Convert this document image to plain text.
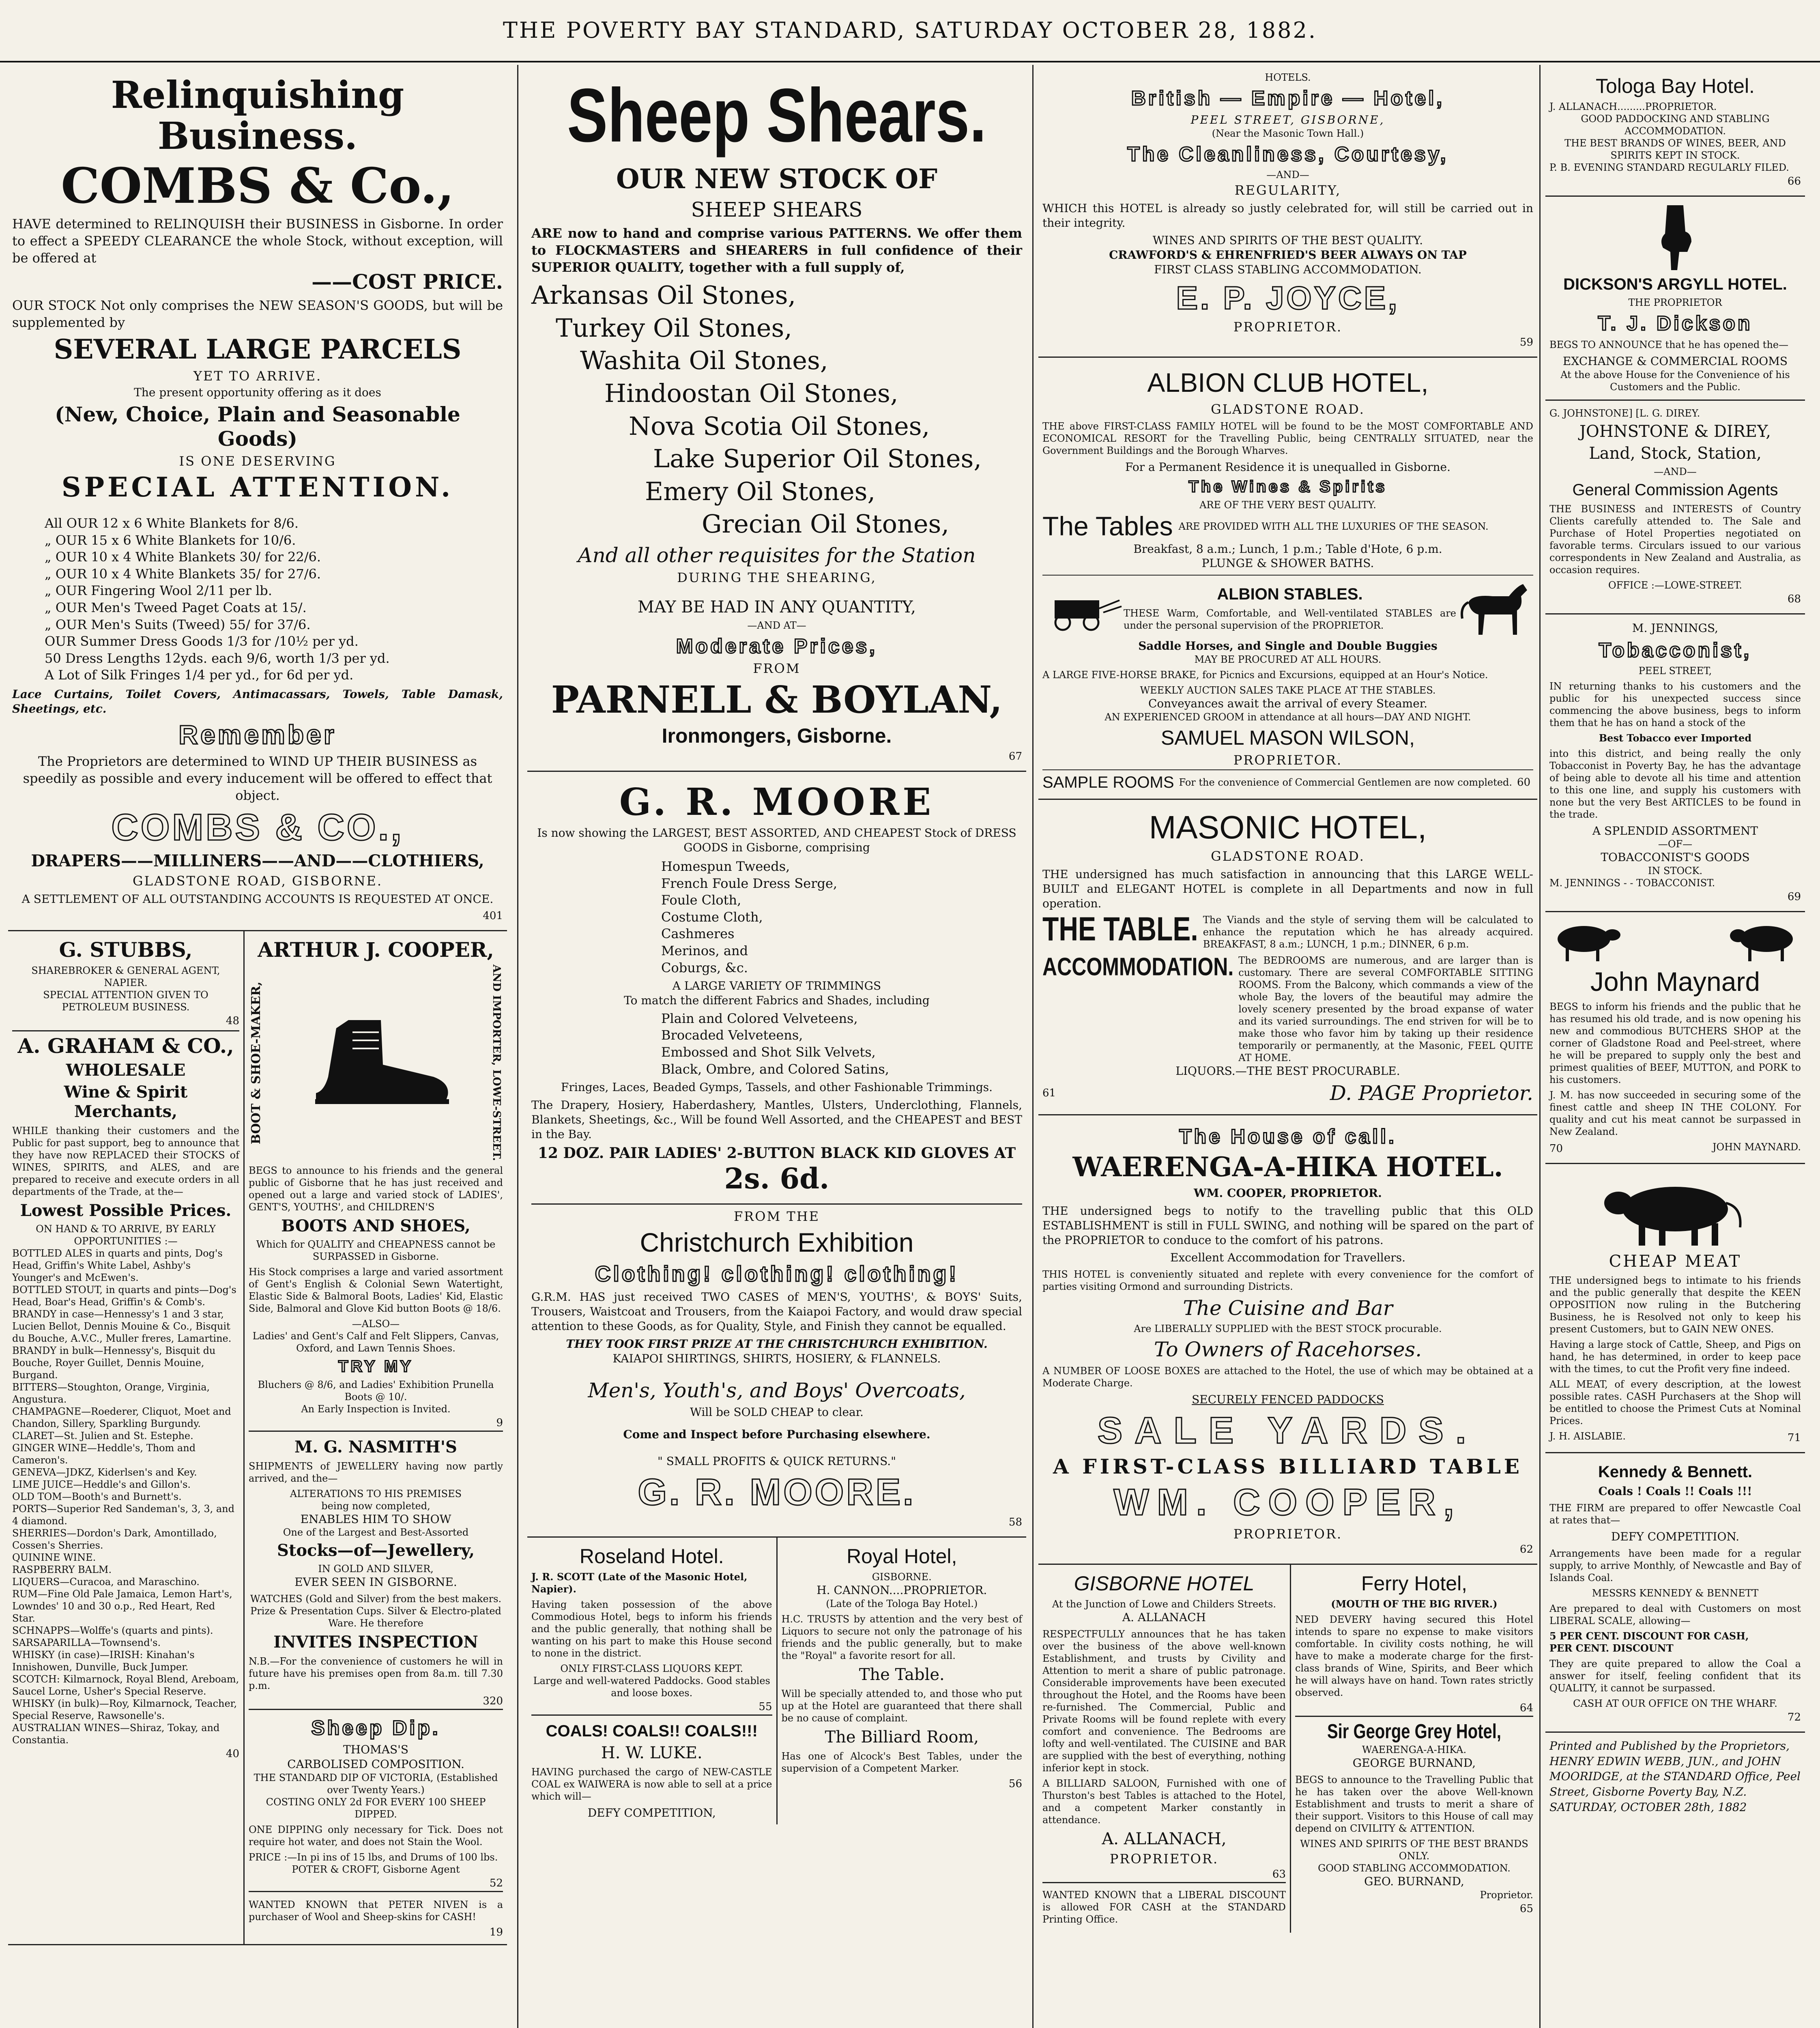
THE POVERTY BAY STANDARD, SATURDAY OCTOBER 28, 1882.
Relinquishing Business.
COMBS & Co.,

HAVE determined to RELINQUISH their BUSINESS in Gisborne. In order to effect a SPEEDY CLEARANCE the whole Stock, without exception, will be offered at

——COST PRICE.

OUR STOCK Not only comprises the NEW SEASON'S GOODS, but will be supplemented by

SEVERAL LARGE PARCELS
YET TO ARRIVE.
The present opportunity offering as it does
(New, Choice, Plain and Seasonable Goods)
IS ONE DESERVING
SPECIAL ATTENTION.
All OUR 12 x 6 White Blankets for 8/6.
„ OUR 15 x 6 White Blankets for 10/6.
„ OUR 10 x 4 White Blankets 30/ for 22/6.
„ OUR 10 x 4 White Blankets 35/ for 27/6.
„ OUR Fingering Wool 2/11 per lb.
„ OUR Men's Tweed Paget Coats at 15/.
„ OUR Men's Suits (Tweed) 55/ for 37/6.
OUR Summer Dress Goods 1/3 for /10½ per yd.
50 Dress Lengths 12yds. each 9/6, worth 1/3 per yd.
A Lot of Silk Fringes 1/4 per yd., for 6d per yd.

Lace Curtains, Toilet Covers, Antimacassars, Towels, Table Damask, Sheetings, etc.

Remember

The Proprietors are determined to WIND UP THEIR BUSINESS as speedily as possible and every inducement will be offered to effect that object.

COMBS & CO.,
DRAPERS——MILLINERS——AND——CLOTHIERS,
GLADSTONE ROAD, GISBORNE.

A SETTLEMENT OF ALL OUTSTANDING ACCOUNTS IS REQUESTED AT ONCE.

401
G. STUBBS,
SHAREBROKER & GENERAL AGENT, NAPIER.
SPECIAL ATTENTION GIVEN TO PETROLEUM BUSINESS.
48
A. GRAHAM & CO.,
WHOLESALE
Wine & Spirit Merchants,

WHILE thanking their customers and the Public for past support, beg to announce that they have now REPLACED their STOCKS of WINES, SPIRITS, and ALES, and are prepared to receive and execute orders in all departments of the Trade, at the—

Lowest Possible Prices.
ON HAND & TO ARRIVE, BY EARLY OPPORTUNITIES :—
BOTTLED ALES in quarts and pints, Dog's Head, Griffin's White Label, Ashby's Younger's and McEwen's.
BOTTLED STOUT, in quarts and pints—Dog's Head, Boar's Head, Griffin's & Comb's.
BRANDY in case—Hennessy's 1 and 3 star, Lucien Bellot, Dennis Mouine & Co., Bisquit du Bouche, A.V.C., Muller freres, Lamartine.
BRANDY in bulk—Hennessy's, Bisquit du Bouche, Royer Guillet, Dennis Mouine, Burgand.
BITTERS—Stoughton, Orange, Virginia, Angustura.
CHAMPAGNE—Roederer, Cliquot, Moet and Chandon, Sillery, Sparkling Burgundy.
CLARET—St. Julien and St. Estephe.
GINGER WINE—Heddle's, Thom and Cameron's.
GENEVA—JDKZ, Kiderlsen's and Key.
LIME JUICE—Heddle's and Gillon's.
OLD TOM—Booth's and Burnett's.
PORTS—Superior Red Sandeman's, 3, 3, and 4 diamond.
SHERRIES—Dordon's Dark, Amontillado, Cossen's Sherries.
QUININE WINE.
RASPBERRY BALM.
LIQUERS—Curacoa, and Maraschino.
RUM—Fine Old Pale Jamaica, Lemon Hart's, Lowndes' 10 and 30 o.p., Red Heart, Red Star.
SCHNAPPS—Wolffe's (quarts and pints).
SARSAPARILLA—Townsend's.
WHISKY (in case)—IRISH: Kinahan's Innishowen, Dunville, Buck Jumper. SCOTCH: Kilmarnock, Royal Blend, Areboam, Saucel Lorne, Usher's Special Reserve.
WHISKY (in bulk)—Roy, Kilmarnock, Teacher, Special Reserve, Rawsonelle's.
AUSTRALIAN WINES—Shiraz, Tokay, and Constantia.
40
ARTHUR J. COOPER,
BOOT & SHOE-MAKER,	AND IMPORTER, LOWE-STREET.

BEGS to announce to his friends and the general public of Gisborne that he has just received and opened out a large and varied stock of LADIES', GENT'S, YOUTHS', and CHILDREN'S

BOOTS AND SHOES,
Which for QUALITY and CHEAPNESS cannot be SURPASSED in Gisborne.

His Stock comprises a large and varied assortment of Gent's English & Colonial Sewn Watertight, Elastic Side & Balmoral Boots, Ladies' Kid, Elastic Side, Balmoral and Glove Kid button Boots @ 18/6.

—ALSO—
Ladies' and Gent's Calf and Felt Slippers, Canvas, Oxford, and Lawn Tennis Shoes.
TRY MY
Bluchers @ 8/6, and Ladies' Exhibition Prunella Boots @ 10/.
An Early Inspection is Invited.
9
M. G. NASMITH'S

SHIPMENTS of JEWELLERY having now partly arrived, and the—

ALTERATIONS TO HIS PREMISES
being now completed,
ENABLES HIM TO SHOW
One of the Largest and Best-Assorted
Stocks—of—Jewellery,
IN GOLD AND SILVER,
EVER SEEN IN GISBORNE.

WATCHES (Gold and Silver) from the best makers. Prize & Presentation Cups. Silver & Electro-plated Ware. He therefore

INVITES INSPECTION

N.B.—For the convenience of customers he will in future have his premises open from 8a.m. till 7.30 p.m.

320
Sheep Dip.
THOMAS'S
CARBOLISED COMPOSITION.
THE STANDARD DIP OF VICTORIA, (Established over Twenty Years.)
COSTING ONLY 2d FOR EVERY 100 SHEEP DIPPED.

ONE DIPPING only necessary for Tick. Does not require hot water, and does not Stain the Wool.

PRICE :—In pi ins of 15 lbs, and Drums of 100 lbs.
POTER & CROFT, Gisborne Agent
52

WANTED KNOWN that PETER NIVEN is a purchaser of Wool and Sheep-skins for CASH!

19
Sheep Shears.
OUR NEW STOCK OF
SHEEP SHEARS

ARE now to hand and comprise various PATTERNS. We offer them to FLOCKMASTERS and SHEARERS in full confidence of their SUPERIOR QUALITY, together with a full supply of,

Arkansas Oil Stones,
Turkey Oil Stones,
Washita Oil Stones,
Hindoostan Oil Stones,
Nova Scotia Oil Stones,
Lake Superior Oil Stones,
Emery Oil Stones,
Grecian Oil Stones,
And all other requisites for the Station
DURING THE SHEARING,
MAY BE HAD IN ANY QUANTITY,
—AND AT—
Moderate Prices,
FROM
PARNELL & BOYLAN,
Ironmongers, Gisborne.
67
G. R. MOORE

Is now showing the LARGEST, BEST ASSORTED, AND CHEAPEST Stock of DRESS GOODS in Gisborne, comprising

Homespun Tweeds,
French Foule Dress Serge,
Foule Cloth,
Costume Cloth,
Cashmeres
Merinos, and
Coburgs, &c.
A LARGE VARIETY OF TRIMMINGS
To match the different Fabrics and Shades, including
Plain and Colored Velveteens,
Brocaded Velveteens,
Embossed and Shot Silk Velvets,
Black, Ombre, and Colored Satins,
Fringes, Laces, Beaded Gymps, Tassels, and other Fashionable Trimmings.

The Drapery, Hosiery, Haberdashery, Mantles, Ulsters, Underclothing, Flannels, Blankets, Sheetings, &c., Will be found Well Assorted, and the CHEAPEST and BEST in the Bay.

12 DOZ. PAIR LADIES' 2-BUTTON BLACK KID GLOVES AT 2s. 6d.
FROM THE
Christchurch Exhibition
Clothing! clothing! clothing!

G.R.M. HAS just received TWO CASES of MEN'S, YOUTHS', & BOYS' Suits, Trousers, Waistcoat and Trousers, from the Kaiapoi Factory, and would draw special attention to these Goods, as for Quality, Style, and Finish they cannot be equalled.

THEY TOOK FIRST PRIZE AT THE CHRISTCHURCH EXHIBITION.
KAIAPOI SHIRTINGS, SHIRTS, HOSIERY, & FLANNELS.
Men's, Youth's, and Boys' Overcoats,
Will be SOLD CHEAP to clear.
Come and Inspect before Purchasing elsewhere.
" SMALL PROFITS & QUICK RETURNS."
G. R. MOORE.
58
Roseland Hotel.
J. R. SCOTT (Late of the Masonic Hotel, Napier).

Having taken possession of the above Commodious Hotel, begs to inform his friends and the public generally, that nothing shall be wanting on his part to make this House second to none in the district.

ONLY FIRST-CLASS LIQUORS KEPT.
Large and well-watered Paddocks. Good stables and loose boxes.
55
COALS! COALS!! COALS!!!
H. W. LUKE.

HAVING purchased the cargo of NEW-CASTLE COAL ex WAIWERA is now able to sell at a price which will—

DEFY COMPETITION,
Royal Hotel,
GISBORNE.
H. CANNON....PROPRIETOR.
(Late of the Tologa Bay Hotel.)

H.C. TRUSTS by attention and the very best of Liquors to secure not only the patronage of his friends and the public generally, but to make the "Royal" a favorite resort for all.

The Table.

Will be specially attended to, and those who put up at the Hotel are guaranteed that there shall be no cause of complaint.

The Billiard Room,

Has one of Alcock's Best Tables, under the supervision of a Competent Marker.

56
HOTELS.
British — Empire — Hotel,
PEEL STREET, GISBORNE,
(Near the Masonic Town Hall.)
The Cleanliness, Courtesy,
—AND—
REGULARITY,

WHICH this HOTEL is already so justly celebrated for, will still be carried out in their integrity.

WINES AND SPIRITS OF THE BEST QUALITY.
CRAWFORD'S & EHRENFRIED'S BEER ALWAYS ON TAP
FIRST CLASS STABLING ACCOMMODATION.
E. P. JOYCE,
PROPRIETOR.
59
ALBION CLUB HOTEL,
GLADSTONE ROAD.

THE above FIRST-CLASS FAMILY HOTEL will be found to be the MOST COMFORTABLE AND ECONOMICAL RESORT for the Travelling Public, being CENTRALLY SITUATED, near the Government Buildings and the Borough Wharves.

For a Permanent Residence it is unequalled in Gisborne.
The Wines & Spirits
ARE OF THE VERY BEST QUALITY.
The Tables ARE PROVIDED WITH ALL THE LUXURIES OF THE SEASON.
Breakfast, 8 a.m.; Lunch, 1 p.m.; Table d'Hote, 6 p.m.
PLUNGE & SHOWER BATHS.
ALBION STABLES.

THESE Warm, Comfortable, and Well-ventilated STABLES are under the personal supervision of the PROPRIETOR.

Saddle Horses, and Single and Double Buggies
MAY BE PROCURED AT ALL HOURS.

A LARGE FIVE-HORSE BRAKE, for Picnics and Excursions, equipped at an Hour's Notice.

WEEKLY AUCTION SALES TAKE PLACE AT THE STABLES.
Conveyances await the arrival of every Steamer.
AN EXPERIENCED GROOM in attendance at all hours—DAY AND NIGHT.
SAMUEL MASON WILSON,
PROPRIETOR.
SAMPLE ROOMS For the convenience of Commercial Gentlemen are now completed. 60
MASONIC HOTEL,
GLADSTONE ROAD.

THE undersigned has much satisfaction in announcing that this LARGE WELL-BUILT and ELEGANT HOTEL is complete in all Departments and now in full operation.

THE TABLE. The Viands and the style of serving them will be calculated to enhance the reputation which he has already acquired. BREAKFAST, 8 a.m.; LUNCH, 1 p.m.; DINNER, 6 p.m.

ACCOMMODATION. The BEDROOMS are numerous, and are larger than is customary. There are several COMFORTABLE SITTING ROOMS. From the Balcony, which commands a view of the whole Bay, the lovers of the beautiful may admire the lovely scenery presented by the broad expanse of water and its varied surroundings. The end striven for will be to make those who favor him by taking up their residence temporarily or permanently, at the Masonic, FEEL QUITE AT HOME.

LIQUORS.—THE BEST PROCURABLE.
61	D. PAGE Proprietor.
The House of call.
WAERENGA-A-HIKA HOTEL.
WM. COOPER, PROPRIETOR.

THE undersigned begs to notify to the travelling public that this OLD ESTABLISHMENT is still in FULL SWING, and nothing will be spared on the part of the PROPRIETOR to conduce to the comfort of his patrons.

Excellent Accommodation for Travellers.

THIS HOTEL is conveniently situated and replete with every convenience for the comfort of parties visiting Ormond and surrounding Districts.

The Cuisine and Bar
Are LIBERALLY SUPPLIED with the BEST STOCK procurable.
To Owners of Racehorses.

A NUMBER OF LOOSE BOXES are attached to the Hotel, the use of which may be obtained at a Moderate Charge.

SECURELY FENCED PADDOCKS
SALE YARDS.
A FIRST-CLASS BILLIARD TABLE
WM. COOPER,
PROPRIETOR.
62
GISBORNE HOTEL
At the Junction of Lowe and Childers Streets.
A. ALLANACH

RESPECTFULLY announces that he has taken over the business of the above well-known Establishment, and trusts by Civility and Attention to merit a share of public patronage. Considerable improvements have been executed throughout the Hotel, and the Rooms have been re-furnished. The Commercial, Public and Private Rooms will be found replete with every comfort and convenience. The Bedrooms are lofty and well-ventilated. The CUISINE and BAR are supplied with the best of everything, nothing inferior kept in stock.

A BILLIARD SALOON, Furnished with one of Thurston's best Tables is attached to the Hotel, and a competent Marker constantly in attendance.

A. ALLANACH,
PROPRIETOR.
63

WANTED KNOWN that a LIBERAL DISCOUNT is allowed FOR CASH at the STANDARD Printing Office.

Ferry Hotel,
(MOUTH OF THE BIG RIVER.)

NED DEVERY having secured this Hotel intends to spare no expense to make visitors comfortable. In civility costs nothing, he will have to make a moderate charge for the first-class brands of Wine, Spirits, and Beer which he will always have on hand. Town rates strictly observed.

64
Sir George Grey Hotel,
WAERENGA-A-HIKA.
GEORGE BURNAND,

BEGS to announce to the Travelling Public that he has taken over the above Well-known Establishment and trusts to merit a share of their support. Visitors to this House of call may depend on CIVILITY & ATTENTION.

WINES AND SPIRITS OF THE BEST BRANDS ONLY.
GOOD STABLING ACCOMMODATION.
GEO. BURNAND,
Proprietor.
65
Tologa Bay Hotel.
J. ALLANACH.........PROPRIETOR.
GOOD PADDOCKING AND STABLING ACCOMMODATION.
THE BEST BRANDS OF WINES, BEER, AND SPIRITS KEPT IN STOCK.
P. B. EVENING STANDARD REGULARLY FILED.
66
DICKSON'S ARGYLL HOTEL.
THE PROPRIETOR
T. J. Dickson

BEGS TO ANNOUNCE that he has opened the—

EXCHANGE & COMMERCIAL ROOMS
At the above House for the Convenience of his Customers and the Public.
G. JOHNSTONE] [L. G. DIREY.
JOHNSTONE & DIREY,
Land, Stock, Station,
—AND—
General Commission Agents

THE BUSINESS and INTERESTS of Country Clients carefully attended to. The Sale and Purchase of Hotel Properties negotiated on favorable terms. Circulars issued to our various correspondents in New Zealand and Australia, as occasion requires.

OFFICE :—LOWE-STREET.
68
M. JENNINGS,
Tobacconist,
PEEL STREET,

IN returning thanks to his customers and the public for his unexpected success since commencing the above business, begs to inform them that he has on hand a stock of the

Best Tobacco ever Imported

into this district, and being really the only Tobacconist in Poverty Bay, he has the advantage of being able to devote all his time and attention to this one line, and supply his customers with none but the very Best ARTICLES to be found in the trade.

A SPLENDID ASSORTMENT
—OF—
TOBACCONIST'S GOODS
IN STOCK.
M. JENNINGS - - TOBACCONIST.
69
John Maynard

BEGS to inform his friends and the public that he has resumed his old trade, and is now opening his new and commodious BUTCHERS SHOP at the corner of Gladstone Road and Peel-street, where he will be prepared to supply only the best and primest qualities of BEEF, MUTTON, and PORK to his customers.

J. M. has now succeeded in securing some of the finest cattle and sheep IN THE COLONY. For quality and cut his meat cannot be surpassed in New Zealand.

70	JOHN MAYNARD.
CHEAP MEAT

THE undersigned begs to intimate to his friends and the public generally that despite the KEEN OPPOSITION now ruling in the Butchering Business, he is Resolved not only to keep his present Customers, but to GAIN NEW ONES.

Having a large stock of Cattle, Sheep, and Pigs on hand, he has determined, in order to keep pace with the times, to cut the Profit very fine indeed.

ALL MEAT, of every description, at the lowest possible rates. CASH Purchasers at the Shop will be entitled to choose the Primest Cuts at Nominal Prices.

J. H. AISLABIE.	71
Kennedy & Bennett.
Coals ! Coals !! Coals !!!

THE FIRM are prepared to offer Newcastle Coal at rates that—

DEFY COMPETITION.

Arrangements have been made for a regular supply, to arrive Monthly, of Newcastle and Bay of Islands Coal.

MESSRS KENNEDY & BENNETT

Are prepared to deal with Customers on most LIBERAL SCALE, allowing—

5 PER CENT. DISCOUNT FOR CASH,
PER CENT. DISCOUNT

They are quite prepared to allow the Coal a answer for itself, feeling confident that its QUALITY, it cannot be surpassed.

CASH AT OUR OFFICE ON THE WHARF.
72
Printed and Published by the Proprietors, HENRY EDWIN WEBB, JUN., and JOHN MOORIDGE, at the STANDARD Office, Peel Street, Gisborne Poverty Bay, N.Z. SATURDAY, OCTOBER 28th, 1882
